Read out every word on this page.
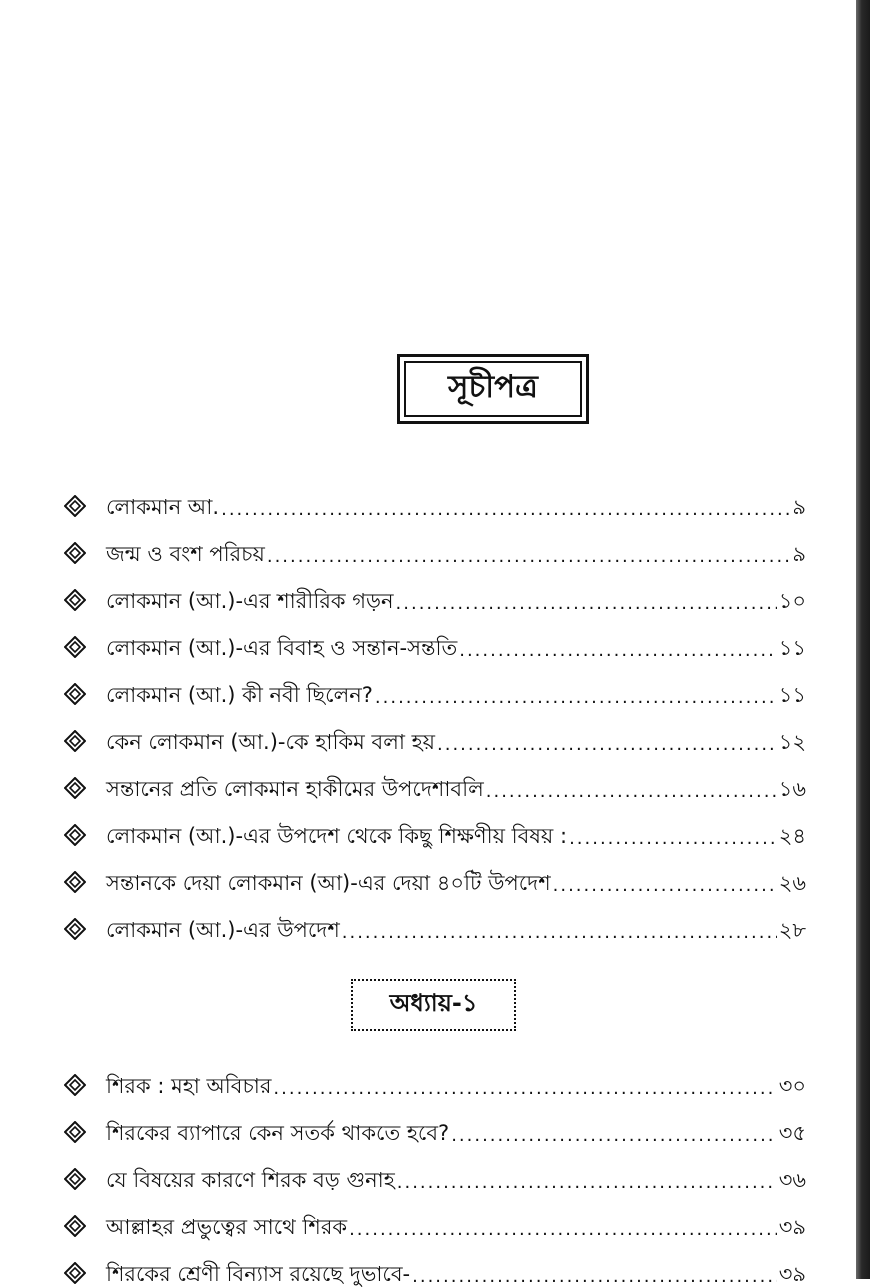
সূচীপত্র
লোকমান আ. .....	৯
জন্ম ও বংশ পরিচয় .....	৯
লোকমান (আ.)-এর শারীরিক গড়ন .....	১০
লোকমান (আ.)-এর বিবাহ ও সন্তান-সন্ততি .....	১১
লোকমান (আ.) কী নবী ছিলেন? .....	১১
কেন লোকমান (আ.)-কে হাকিম বলা হয় .....	১২
সন্তানের প্রতি লোকমান হাকীমের উপদেশাবলি .....	১৬
লোকমান (আ.)-এর উপদেশ থেকে কিছু শিক্ষণীয় বিষয় : .....	২৪
সন্তানকে দেয়া লোকমান (আ)-এর দেয়া ৪০টি উপদেশ .....	২৬
লোকমান (আ.)-এর উপদেশ .....	২৮
অধ্যায়-১
শিরক : মহা অবিচার .....	৩০
শিরকের ব্যাপারে কেন সতর্ক থাকতে হবে? .....	৩৫
যে বিষয়ের কারণে শিরক বড় গুনাহ .....	৩৬
আল্লাহর প্রভুত্বের সাথে শিরক .....	৩৯
শিরকের শ্রেণী বিন্যাস রয়েছে দুভাবে- .....	৩৯
